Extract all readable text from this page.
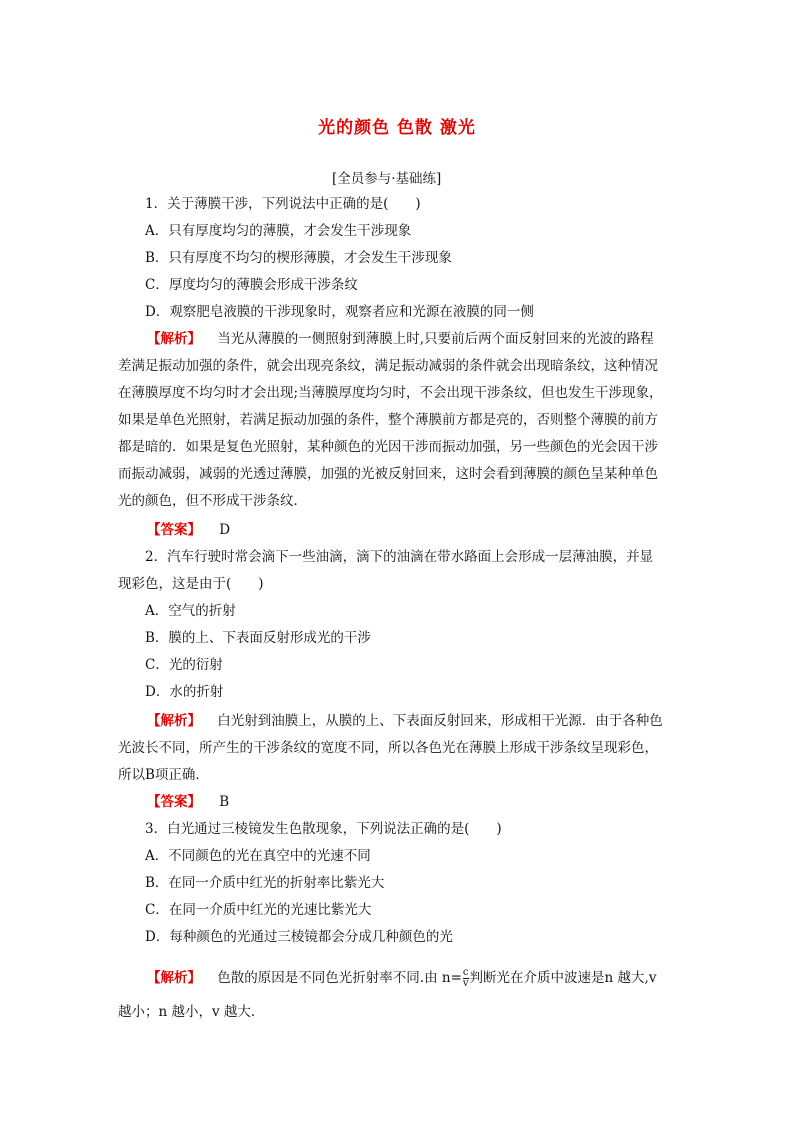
光的颜色 色散 激光
[全员参与·基础练]
1．关于薄膜干涉，下列说法中正确的是(　　)
A．只有厚度均匀的薄膜，才会发生干涉现象
B．只有厚度不均匀的楔形薄膜，才会发生干涉现象
C．厚度均匀的薄膜会形成干涉条纹
D．观察肥皂液膜的干涉现象时，观察者应和光源在液膜的同一侧
【解析】 当光从薄膜的一侧照射到薄膜上时,只要前后两个面反射回来的光波的路程
差满足振动加强的条件，就会出现亮条纹，满足振动减弱的条件就会出现暗条纹，这种情况
在薄膜厚度不均匀时才会出现;当薄膜厚度均匀时，不会出现干涉条纹，但也发生干涉现象，
如果是单色光照射，若满足振动加强的条件，整个薄膜前方都是亮的，否则整个薄膜的前方
都是暗的．如果是复色光照射，某种颜色的光因干涉而振动加强，另一些颜色的光会因干涉
而振动减弱，减弱的光透过薄膜，加强的光被反射回来，这时会看到薄膜的颜色呈某种单色
光的颜色，但不形成干涉条纹．
【答案】 D
2．汽车行驶时常会滴下一些油滴，滴下的油滴在带水路面上会形成一层薄油膜，并显
现彩色，这是由于(　　)
A．空气的折射
B．膜的上、下表面反射形成光的干涉
C．光的衍射
D．水的折射
【解析】 白光射到油膜上，从膜的上、下表面反射回来，形成相干光源．由于各种色
光波长不同，所产生的干涉条纹的宽度不同，所以各色光在薄膜上形成干涉条纹呈现彩色，
所以B项正确．
【答案】 B
3．白光通过三棱镜发生色散现象，下列说法正确的是(　　)
A．不同颜色的光在真空中的光速不同
B．在同一介质中红光的折射率比紫光大
C．在同一介质中红光的光速比紫光大
D．每种颜色的光通过三棱镜都会分成几种颜色的光
【解析】 色散的原因是不同色光折射率不同.由 $n= \frac{c}{v}$ 判断光在介质中波速是n 越大,v
越小；n 越小，v 越大．
